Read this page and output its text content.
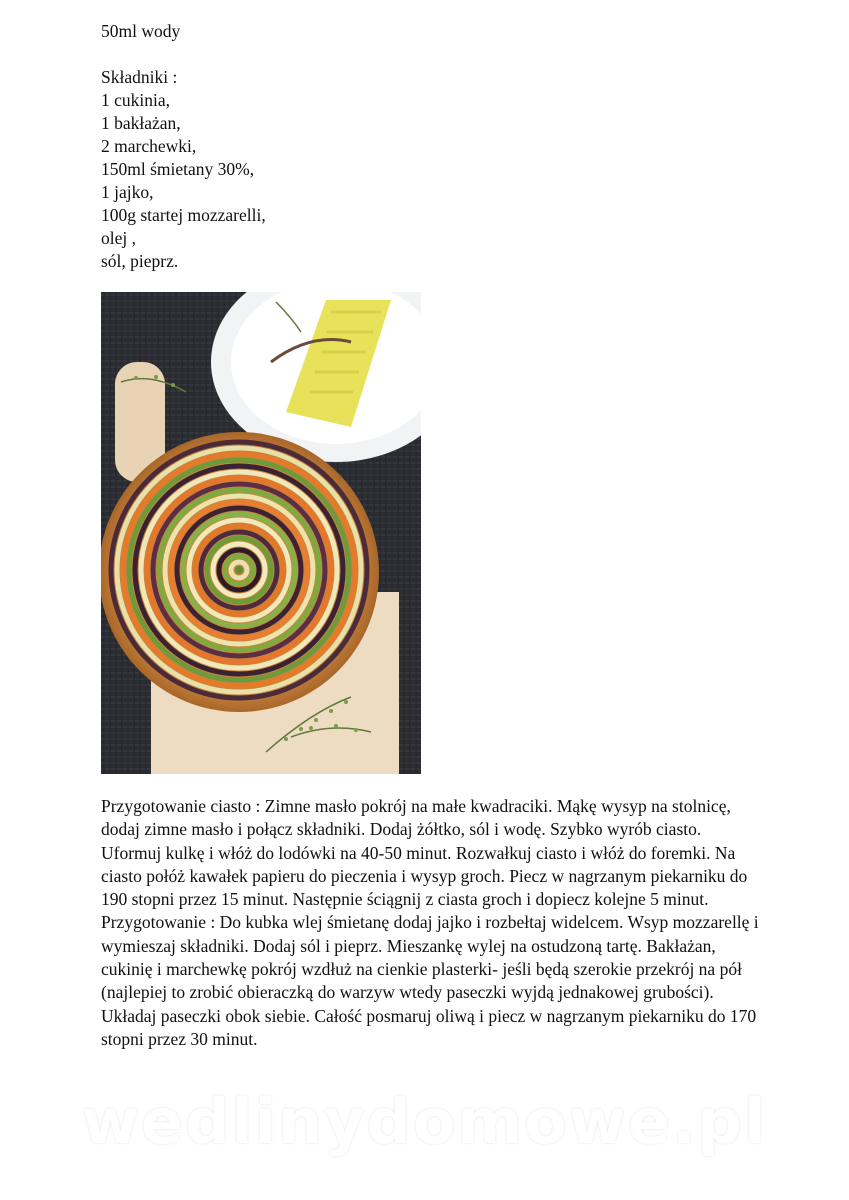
50ml wody
Składniki :
1 cukinia,
1 bakłażan,
2 marchewki,
150ml śmietany 30%,
1 jajko,
100g startej mozzarelli,
olej ,
sól, pieprz.

Przygotowanie ciasto : Zimne masło pokrój na małe kwadraciki. Mąkę wysyp na stolnicę, dodaj zimne masło i połącz składniki. Dodaj żółtko, sól i wodę. Szybko wyrób ciasto. Uformuj kulkę i włóż do lodówki na 40-50 minut. Rozwałkuj ciasto i włóż do foremki. Na ciasto połóż kawałek papieru do pieczenia i wysyp groch. Piecz w nagrzanym piekarniku do 190 stopni przez 15 minut. Następnie ściągnij z ciasta groch i dopiecz kolejne 5 minut. Przygotowanie : Do kubka wlej śmietanę dodaj jajko i rozbełtaj widelcem. Wsyp mozzarellę i wymieszaj składniki. Dodaj sól i pieprz. Mieszankę wylej na ostudzoną tartę. Bakłażan, cukinię i marchewkę pokrój wzdłuż na cienkie plasterki- jeśli będą szerokie przekrój na pół (najlepiej to zrobić obieraczką do warzyw wtedy paseczki wyjdą jednakowej grubości). Układaj paseczki obok siebie. Całość posmaruj oliwą i piecz w nagrzanym piekarniku do 170 stopni przez 30 minut.

wedlinydomowe.pl
